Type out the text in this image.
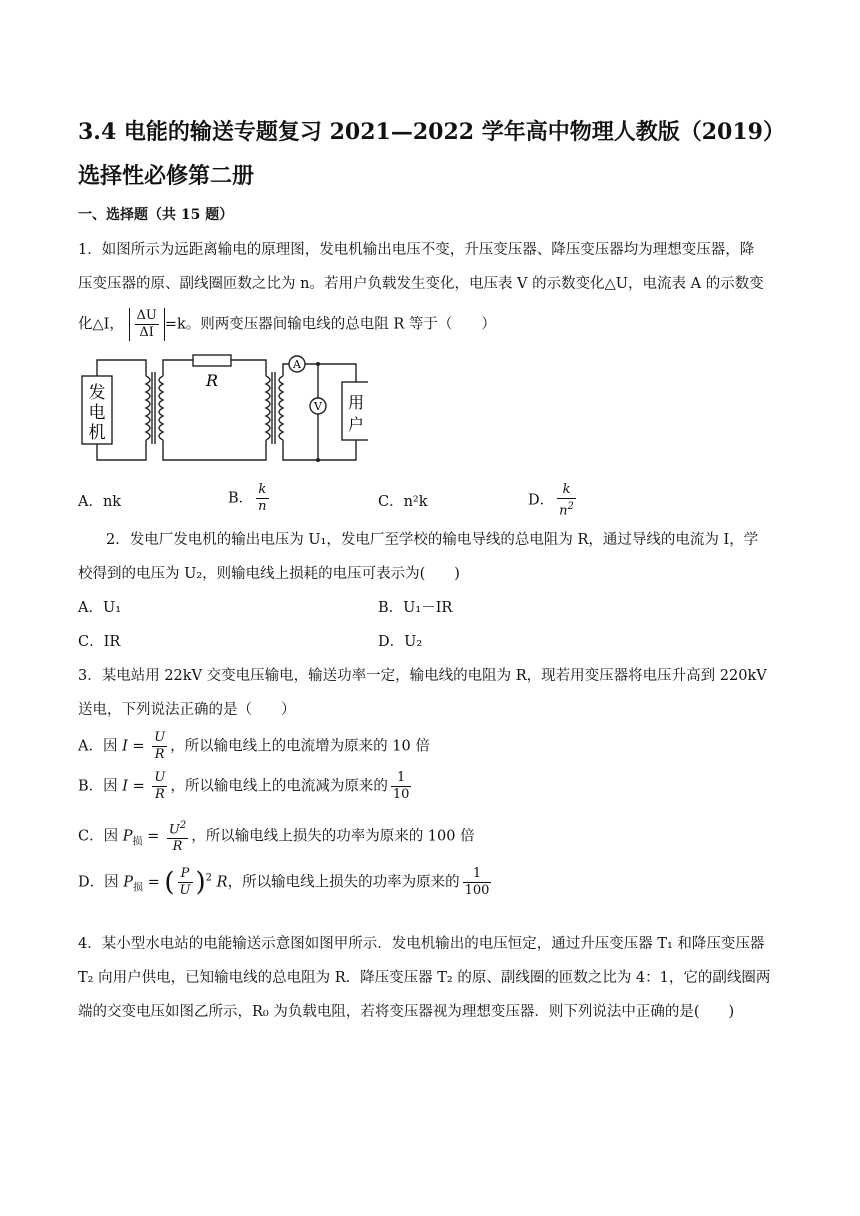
3.4 电能的输送专题复习 2021—2022 学年高中物理人教版（2019）选择性必修第二册
一、选择题（共 15 题）
1．如图所示为远距离输电的原理图，发电机输出电压不变，升压变压器、降压变压器均为理想变压器，降
压变压器的原、副线圈匝数之比为 n。若用户负载发生变化，电压表 V 的示数变化△U，电流表 A 的示数变
化△I， $\frac{\Delta U}{\Delta I} =k$。则两变压器间输电线的总电阻 R 等于（　　）
发
电
机
R
A
V 用
户
A．nk	B． $\frac{k}{n}$	C．n²k	D． $\frac{k}{n^2}$
2．发电厂发电机的输出电压为 U₁，发电厂至学校的输电导线的总电阻为 R，通过导线的电流为 I，学
校得到的电压为 U₂，则输电线上损耗的电压可表示为(　　)
A．U₁	B．U₁－IR
C．IR	D．U₂
3．某电站用 22kV 交变电压输电，输送功率一定，输电线的电阻为 R，现若用变压器将电压升高到 220kV
送电，下列说法正确的是（　　）
A．因 $I = \frac{U}{R}$ ，所以输电线上的电流增为原来的 10 倍
B．因 $I = \frac{U}{R}$ ，所以输电线上的电流减为原来的 $\frac{1}{10}$
C．因 $P_损 = \frac{U^2}{R}$ ，所以输电线上损失的功率为原来的 100 倍
D．因 $P_损$ = ( $\frac{P}{U} )^2$ R，所以输电线上损失的功率为原来的 $\frac{1}{100}$
4．某小型水电站的电能输送示意图如图甲所示．发电机输出的电压恒定，通过升压变压器 T₁ 和降压变压器
T₂ 向用户供电，已知输电线的总电阻为 R．降压变压器 T₂ 的原、副线圈的匝数之比为 4：1，它的副线圈两
端的交变电压如图乙所示，R₀ 为负载电阻，若将变压器视为理想变压器．则下列说法中正确的是(　　)
